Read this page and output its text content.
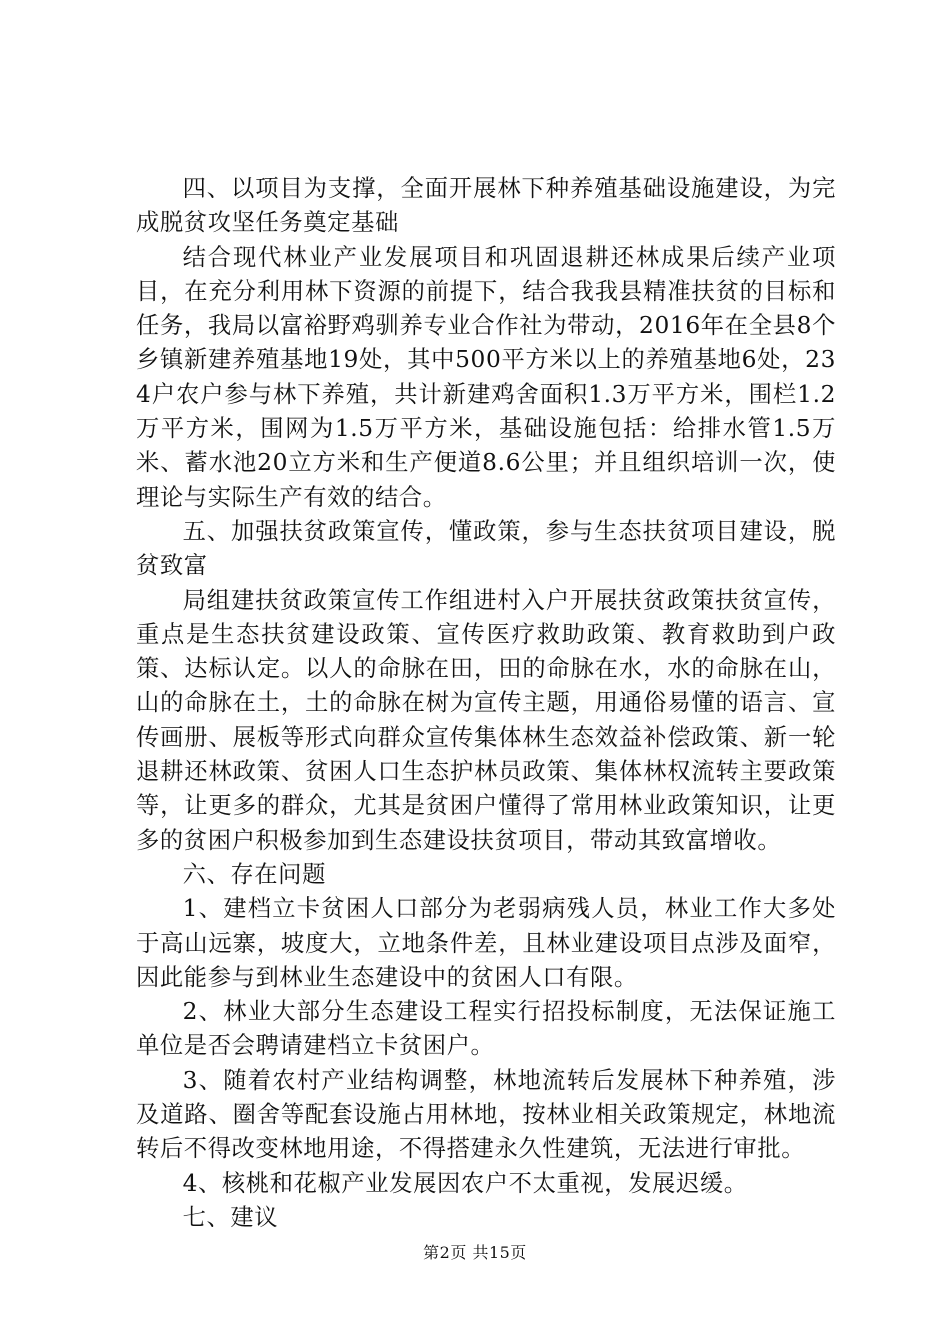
四、以项目为支撑，全面开展林下种养殖基础设施建设，为完成脱贫攻坚任务奠定基础

结合现代林业产业发展项目和巩固退耕还林成果后续产业项目，在充分利用林下资源的前提下，结合我我县精准扶贫的目标和任务，我局以富裕野鸡驯养专业合作社为带动，2016年在全县8个乡镇新建养殖基地19处，其中500平方米以上的养殖基地6处，234户农户参与林下养殖，共计新建鸡舍面积1.3万平方米，围栏1.2万平方米，围网为1.5万平方米，基础设施包括：给排水管1.5万米、蓄水池20立方米和生产便道8.6公里；并且组织培训一次，使理论与实际生产有效的结合。

五、加强扶贫政策宣传，懂政策，参与生态扶贫项目建设，脱贫致富

局组建扶贫政策宣传工作组进村入户开展扶贫政策扶贫宣传，重点是生态扶贫建设政策、宣传医疗救助政策、教育救助到户政策、达标认定。以人的命脉在田，田的命脉在水，水的命脉在山，山的命脉在土，土的命脉在树为宣传主题，用通俗易懂的语言、宣传画册、展板等形式向群众宣传集体林生态效益补偿政策、新一轮退耕还林政策、贫困人口生态护林员政策、集体林权流转主要政策等，让更多的群众，尤其是贫困户懂得了常用林业政策知识，让更多的贫困户积极参加到生态建设扶贫项目，带动其致富增收。

六、存在问题

1、建档立卡贫困人口部分为老弱病残人员，林业工作大多处于高山远寨，坡度大，立地条件差，且林业建设项目点涉及面窄，因此能参与到林业生态建设中的贫困人口有限。

2、林业大部分生态建设工程实行招投标制度，无法保证施工单位是否会聘请建档立卡贫困户。

3、随着农村产业结构调整，林地流转后发展林下种养殖，涉及道路、圈舍等配套设施占用林地，按林业相关政策规定，林地流转后不得改变林地用途，不得搭建永久性建筑，无法进行审批。

4、核桃和花椒产业发展因农户不太重视，发展迟缓。

七、建议

第2页 共15页
